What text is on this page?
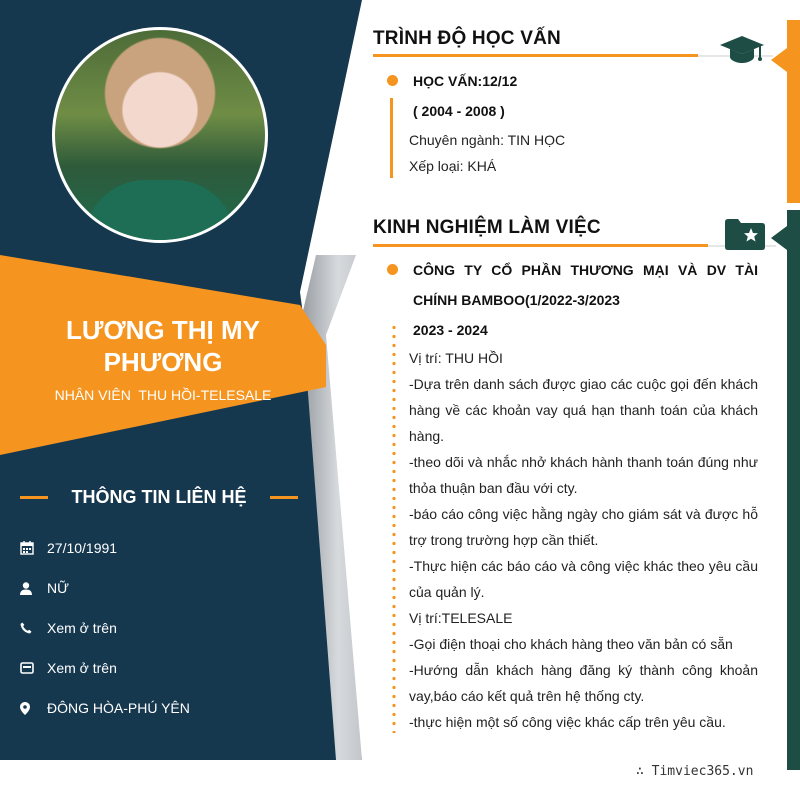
LƯƠNG THỊ MY
PHƯƠNG
NHÂN VIÊN  THU HỒI-TELESALE
THÔNG TIN LIÊN HỆ
27/10/1991
NỮ
Xem ở trên
Xem ở trên
ĐÔNG HÒA-PHÚ YÊN
TRÌNH ĐỘ HỌC VẤN
HỌC VẤN:12/12
( 2004 - 2008 )
Chuyên ngành: TIN HỌC
Xếp loại: KHÁ
KINH NGHIỆM LÀM VIỆC
CÔNG TY CỔ PHẦN THƯƠNG MẠI VÀ DV TÀI
CHÍNH BAMBOO(1/2022-3/2023
2023 - 2024

Vị trí: THU HỒI

-Dựa trên danh sách được giao các cuộc gọi đến khách hàng về các khoản vay quá hạn thanh toán của khách hàng.

-theo dõi và nhắc nhở khách hành thanh toán đúng như thỏa thuận ban đầu với cty.

-báo cáo công việc hằng ngày cho giám sát và được hỗ trợ trong trường hợp cần thiết.

-Thực hiện các báo cáo và công việc khác theo yêu cầu của quản lý.

Vị trí:TELESALE

-Gọi điện thoại cho khách hàng theo văn bản có sẵn

-Hướng dẫn khách hàng đăng ký thành công khoản vay,báo cáo kết quả trên hệ thống cty.

-thực hiện một số công việc khác cấp trên yêu cầu.

∴ Timviec365.vn
